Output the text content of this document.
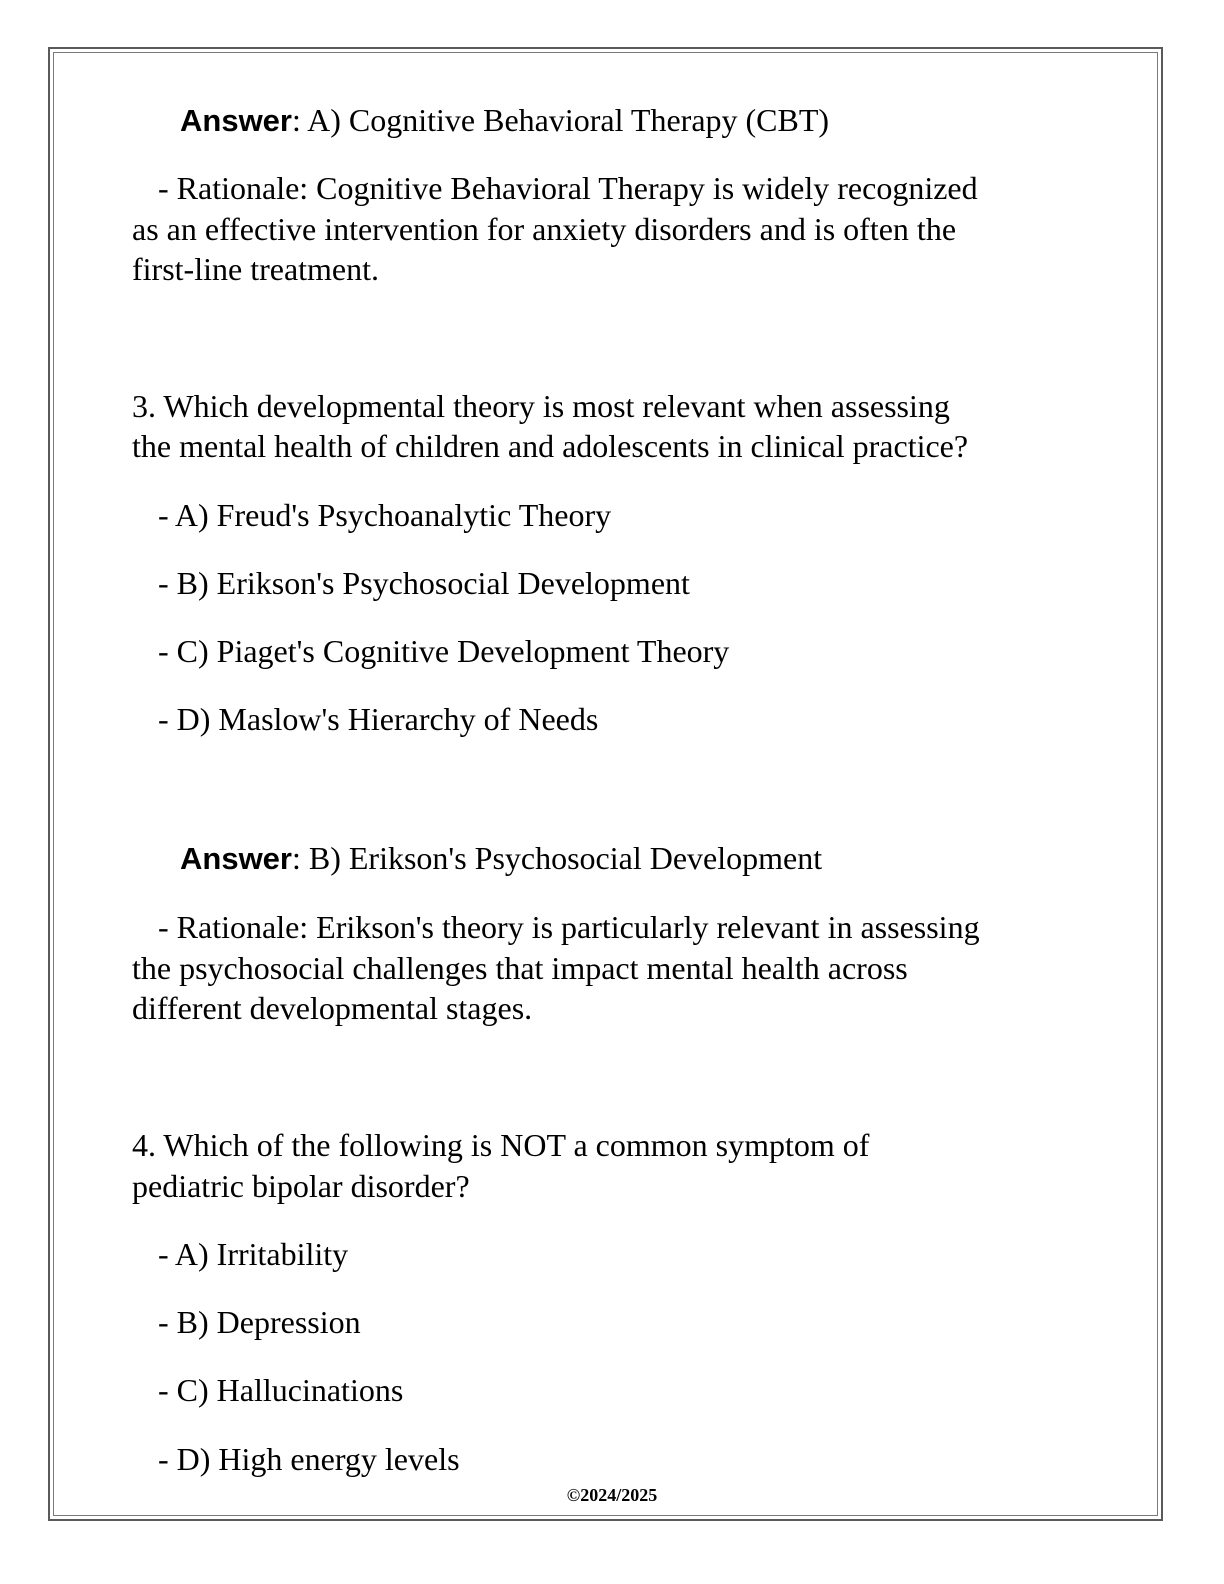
Answer: A) Cognitive Behavioral Therapy (CBT)
- Rationale: Cognitive Behavioral Therapy is widely recognized
as an effective intervention for anxiety disorders and is often the
first-line treatment.
3. Which developmental theory is most relevant when assessing
the mental health of children and adolescents in clinical practice?
- A) Freud's Psychoanalytic Theory
- B) Erikson's Psychosocial Development
- C) Piaget's Cognitive Development Theory
- D) Maslow's Hierarchy of Needs
Answer: B) Erikson's Psychosocial Development
- Rationale: Erikson's theory is particularly relevant in assessing
the psychosocial challenges that impact mental health across
different developmental stages.
4. Which of the following is NOT a common symptom of
pediatric bipolar disorder?
- A) Irritability
- B) Depression
- C) Hallucinations
- D) High energy levels
©2024/2025
